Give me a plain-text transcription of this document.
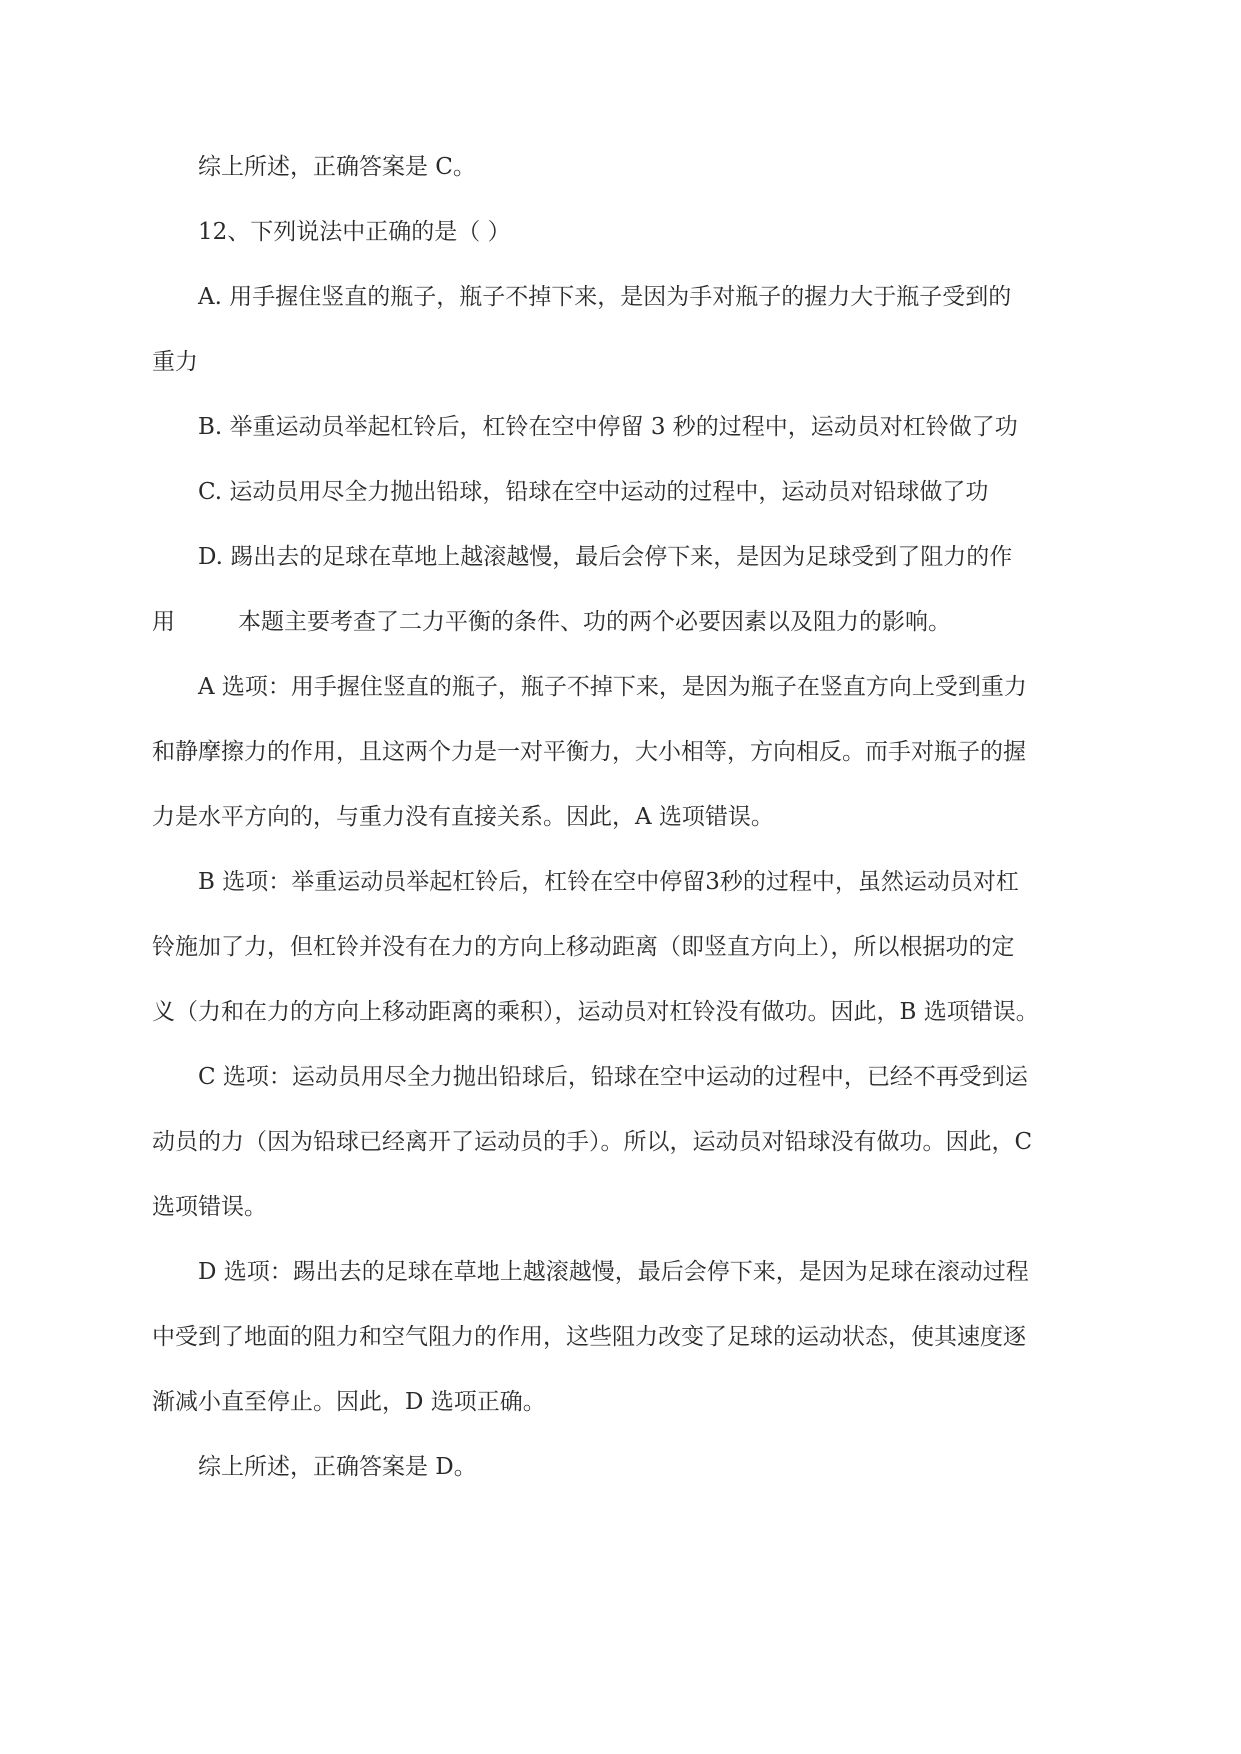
综上所述，正确答案是 C。
12、下列说法中正确的是（ ）
A. 用手握住竖直的瓶子，瓶子不掉下来，是因为手对瓶子的握力大于瓶子受到的
重力
B. 举重运动员举起杠铃后，杠铃在空中停留 3 秒的过程中，运动员对杠铃做了功
C. 运动员用尽全力抛出铅球，铅球在空中运动的过程中，运动员对铅球做了功
D. 踢出去的足球在草地上越滚越慢，最后会停下来，是因为足球受到了阻力的作
用	本题主要考查了二力平衡的条件、功的两个必要因素以及阻力的影响。
A 选项：用手握住竖直的瓶子，瓶子不掉下来，是因为瓶子在竖直方向上受到重力
和静摩擦力的作用，且这两个力是一对平衡力，大小相等，方向相反。而手对瓶子的握
力是水平方向的，与重力没有直接关系。因此，A 选项错误。
B 选项：举重运动员举起杠铃后，杠铃在空中停留3秒的过程中，虽然运动员对杠
铃施加了力，但杠铃并没有在力的方向上移动距离（即竖直方向上），所以根据功的定
义（力和在力的方向上移动距离的乘积），运动员对杠铃没有做功。因此，B 选项错误。
C 选项：运动员用尽全力抛出铅球后，铅球在空中运动的过程中，已经不再受到运
动员的力（因为铅球已经离开了运动员的手）。所以，运动员对铅球没有做功。因此，C
选项错误。
D 选项：踢出去的足球在草地上越滚越慢，最后会停下来，是因为足球在滚动过程
中受到了地面的阻力和空气阻力的作用，这些阻力改变了足球的运动状态，使其速度逐
渐减小直至停止。因此，D 选项正确。
综上所述，正确答案是 D。
